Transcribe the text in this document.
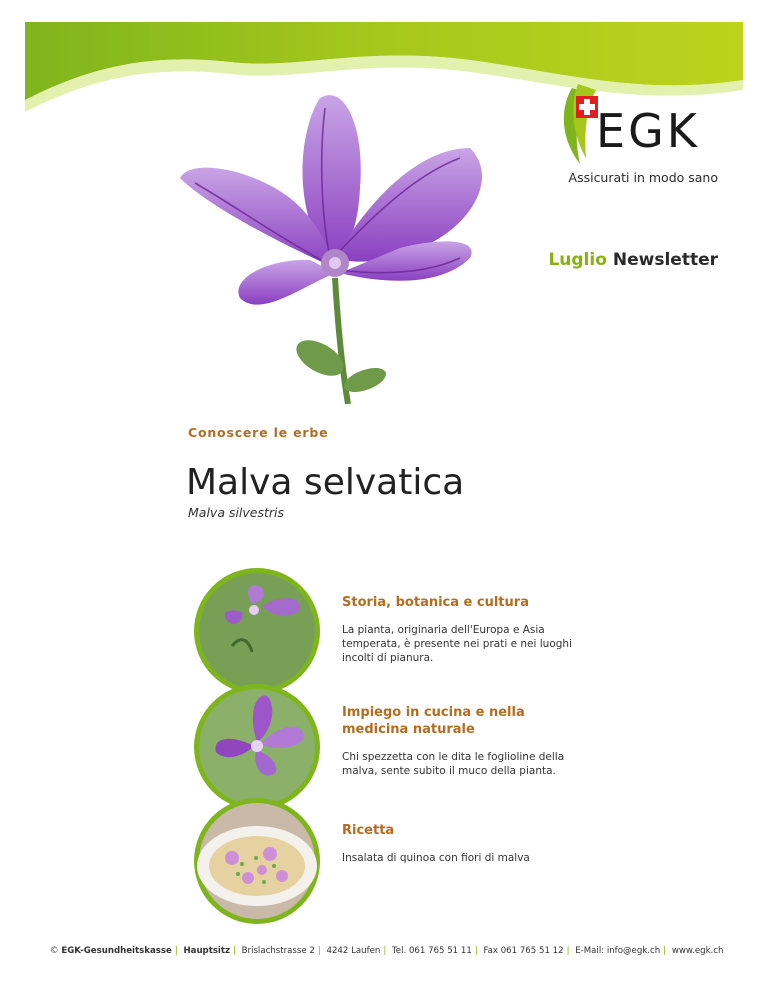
EGK
Assicurati in modo sano
Luglio Newsletter
Conoscere le erbe
Malva selvatica
Malva silvestris
Storia, botanica e cultura

La pianta, originaria dell'Europa e Asia temperata, è presente nei prati e nei luoghi incolti di pianura.

Impiego in cucina e nella medicina naturale

Chi spezzetta con le dita le foglioline della malva, sente subito il muco della pianta.

Ricetta

Insalata di quinoa con fiori di malva

© EGK-Gesundheitskasse | Hauptsitz | Brislachstrasse 2 | 4242 Laufen | Tel. 061 765 51 11 | Fax 061 765 51 12 | E-Mail: info@egk.ch | www.egk.ch
